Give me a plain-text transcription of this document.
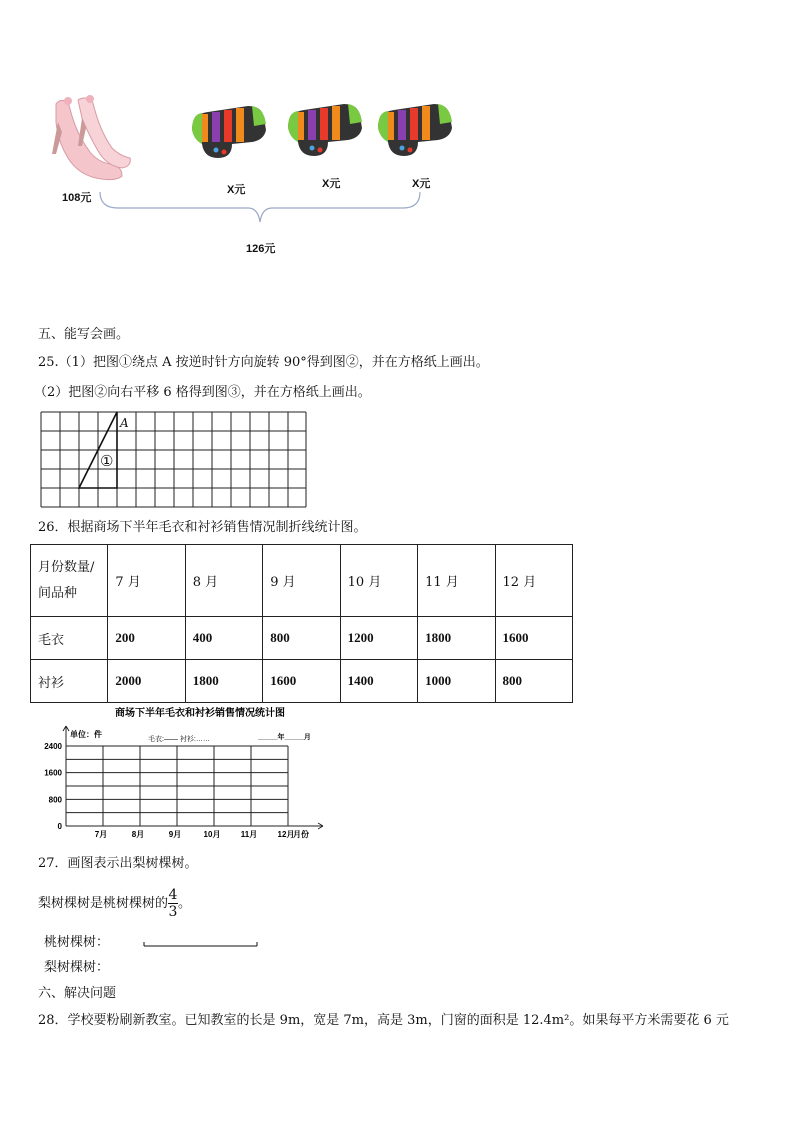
108元
X元	X元	X元
126元
五、能写会画。
25.（1）把图①绕点 A 按逆时针方向旋转 90°得到图②，并在方格纸上画出。
（2）把图②向右平移 6 格得到图③，并在方格纸上画出。
A
①
26．根据商场下半年毛衣和衬衫销售情况制折线统计图。
月份数量/
间品种	7 月	8 月	9 月	10 月	11 月	12 月
毛衣	200	400	800	1200	1800	1600
衬衫	2000	1800	1600	1400	1000	800
商场下半年毛衣和衬衫销售情况统计图
单位：件
毛衣:—— 衬衫:……	_____年_____月
2400
1600
800
0
7月	8月	9月	10月	11月	12月
月份
27．画图表示出梨树棵树。
梨树棵树是桃树棵树的 $\frac{4}{3}$ 。
桃树棵树：
梨树棵树：
六、解决问题
28．学校要粉刷新教室。已知教室的长是 9m，宽是 7m，高是 3m，门窗的面积是 12.4m²。如果每平方米需要花 6 元
